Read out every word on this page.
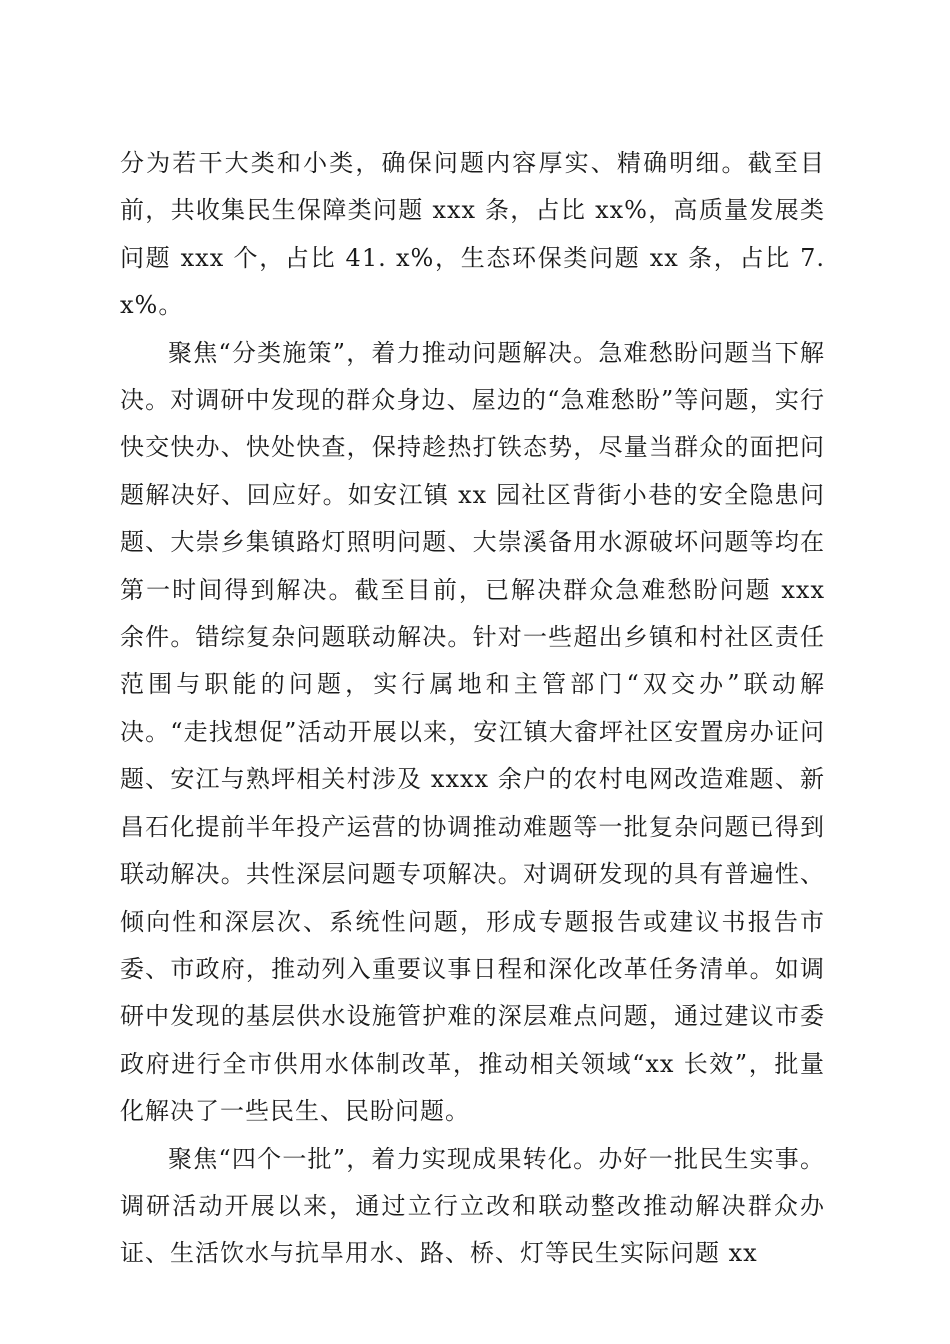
分为若干大类和小类，确保问题内容厚实、精确明细。截至目前，共收集民生保障类问题 xxx 条，占比 xx%，高质量发展类问题 xxx 个，占比 41. x%，生态环保类问题 xx 条，占比 7. x%。

聚焦“分类施策”，着力推动问题解决。急难愁盼问题当下解决。对调研中发现的群众身边、屋边的“急难愁盼”等问题，实行快交快办、快处快查，保持趁热打铁态势，尽量当群众的面把问题解决好、回应好。如安江镇 xx 园社区背街小巷的安全隐患问题、大崇乡集镇路灯照明问题、大崇溪备用水源破坏问题等均在第一时间得到解决。截至目前，已解决群众急难愁盼问题 xxx 余件。错综复杂问题联动解决。针对一些超出乡镇和村社区责任范围与职能的问题，实行属地和主管部门“双交办”联动解决。“走找想促”活动开展以来，安江镇大畲坪社区安置房办证问题、安江与熟坪相关村涉及 xxxx 余户的农村电网改造难题、新昌石化提前半年投产运营的协调推动难题等一批复杂问题已得到联动解决。共性深层问题专项解决。对调研发现的具有普遍性、倾向性和深层次、系统性问题，形成专题报告或建议书报告市委、市政府，推动列入重要议事日程和深化改革任务清单。如调研中发现的基层供水设施管护难的深层难点问题，通过建议市委政府进行全市供用水体制改革，推动相关领域“xx 长效”，批量化解决了一些民生、民盼问题。

聚焦“四个一批”，着力实现成果转化。办好一批民生实事。调研活动开展以来，通过立行立改和联动整改推动解决群众办证、生活饮水与抗旱用水、路、桥、灯等民生实际问题 xx
